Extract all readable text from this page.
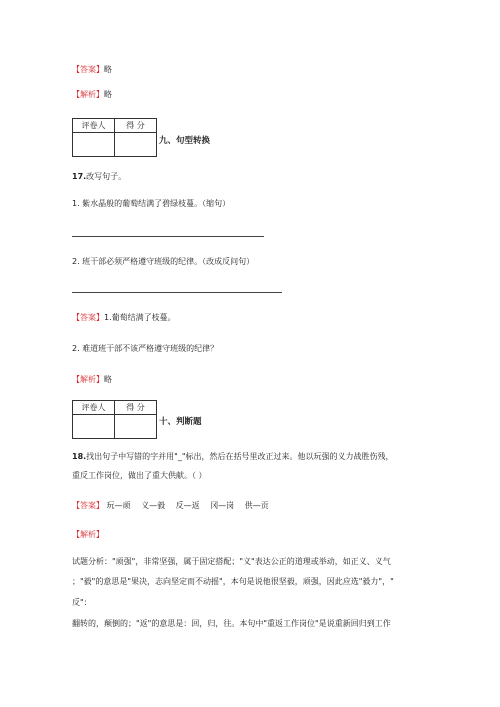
【答案】略
【解析】略
评卷人	得 分

九、句型转换
17.改写句子。
1. 紫水晶般的葡萄结满了碧绿枝蔓。（缩句）
2. 班干部必须严格遵守班级的纪律。（改成反问句）
【答案】1.葡萄结满了枝蔓。
2. 难道班干部不该严格遵守班级的纪律？
【解析】略
评卷人	得 分

十、判断题
18.找出句子中写错的字并用"_"标出，然后在括号里改正过来。他以玩强的义力战胜伤残，
重反工作岗位，做出了重大供献。（ ）
【答案】 玩—顽 义—毅 反—返 冈—岗 供—贡
【解析】
试题分析："顽强"，非常坚强，属于固定搭配；"义"表达公正的道理或举动，如正义、义气
；"毅"的意思是"果决，志向坚定而不动摇"，本句是说他很坚毅，顽强，因此应选"毅力"，"
反"：
翻转的，颠倒的；"返"的意思是：回，归，往。本句中"重返工作岗位"是说重新回归到工作
